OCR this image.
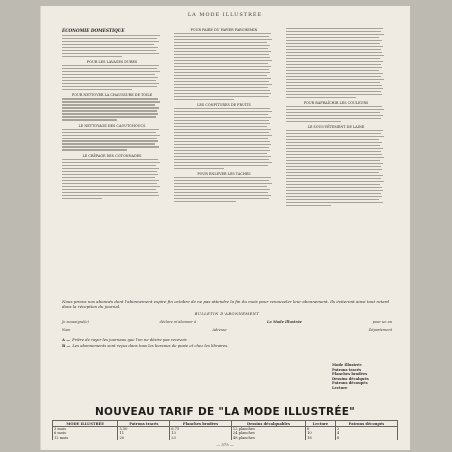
LA MODE ILLUSTRÉE
ÉCONOMIE DOMESTIQUE
POUR LES LAVAGES DURES
POUR NETTOYER LA CHAUSSURE DE TOILE
LE NETTOYAGE DES CAOUTCHOUCS
LE CRÊPAGE DES COTONNADES
POUR FAIRE DU PAPIER PARCHEMIN
LES CONFITURES DE FRUITS
POUR ENLEVER LES TACHES
POUR RAFRAÎCHIR LES COULEURS
LE SOUS-VÊTEMENT DE LAINE
Nous prions nos abonnés dont l'abonnement expire fin octobre de ne pas attendre la fin du mois pour renouveler leur abonnement. Ils éviteront ainsi tout retard dans la réception du journal.
BULLETIN D'ABONNEMENT
Je soussigné(e)	déclare m'abonner à	La Mode Illustrée	pour un an
Nom	Adresse	Département
A — Prière de rayer les journaux que l'on ne désire pas recevoir.
B — Les abonnements sont reçus dans tous les bureaux de poste et chez les libraires.
Mode Illustrée
Patrons tracés
Planches brodées
Dessins décalqués
Patrons découpés
Lecture
NOUVEAU TARIF DE "LA MODE ILLUSTRÉE"
MODE ILLUSTRÉE	Patrons tracés	Planches brodées	Dessins décalquables	Lecture	Patrons découpés
3 mois	5.50	6.75	12 planches	6	2
6 mois	11	13	24 planches	10	4
12 mois	20	23	48 planches	18	8
— 375 —
